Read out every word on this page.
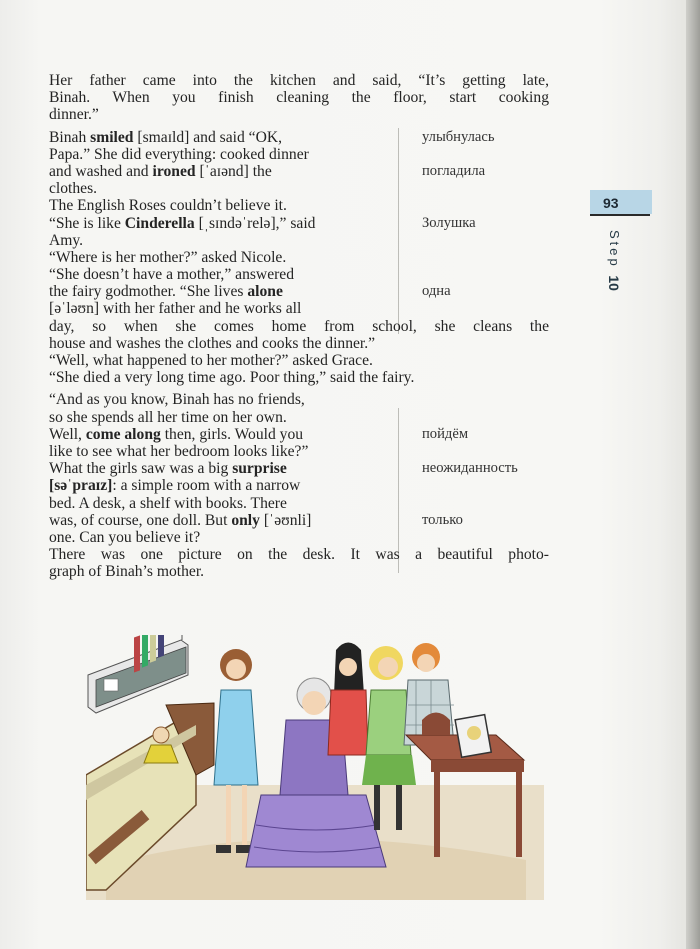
93
Step 10
Her father came into the kitchen and said, “It’s getting late,
Binah. When you finish cleaning the floor, start cooking
dinner.”
Binah smiled [smaɪld] and said “OK,	улыбнулась
Papa.” She did everything: cooked dinner
and washed and ironed [ˈaɪənd] the	погладила
clothes.
The English Roses couldn’t believe it.
“She is like Cinderella [ˌsɪndəˈrelə],” said	Золушка
Amy.
“Where is her mother?” asked Nicole.
“She doesn’t have a mother,” answered
the fairy godmother. “She lives alone	одна
[əˈləʊn] with her father and he works all
day, so when she comes home from school, she cleans the
house and washes the clothes and cooks the dinner.”
“Well, what happened to her mother?” asked Grace.
“She died a very long time ago. Poor thing,” said the fairy.
“And as you know, Binah has no friends,
so she spends all her time on her own.
Well, come along then, girls. Would you	пойдём
like to see what her bedroom looks like?”
What the girls saw was a big surprise	неожиданность
[səˈpraɪz]: a simple room with a narrow
bed. A desk, a shelf with books. There
was, of course, one doll. But only [ˈəʊnli]	только
one. Can you believe it?
There was one picture on the desk. It was a beautiful photo-
graph of Binah’s mother.
